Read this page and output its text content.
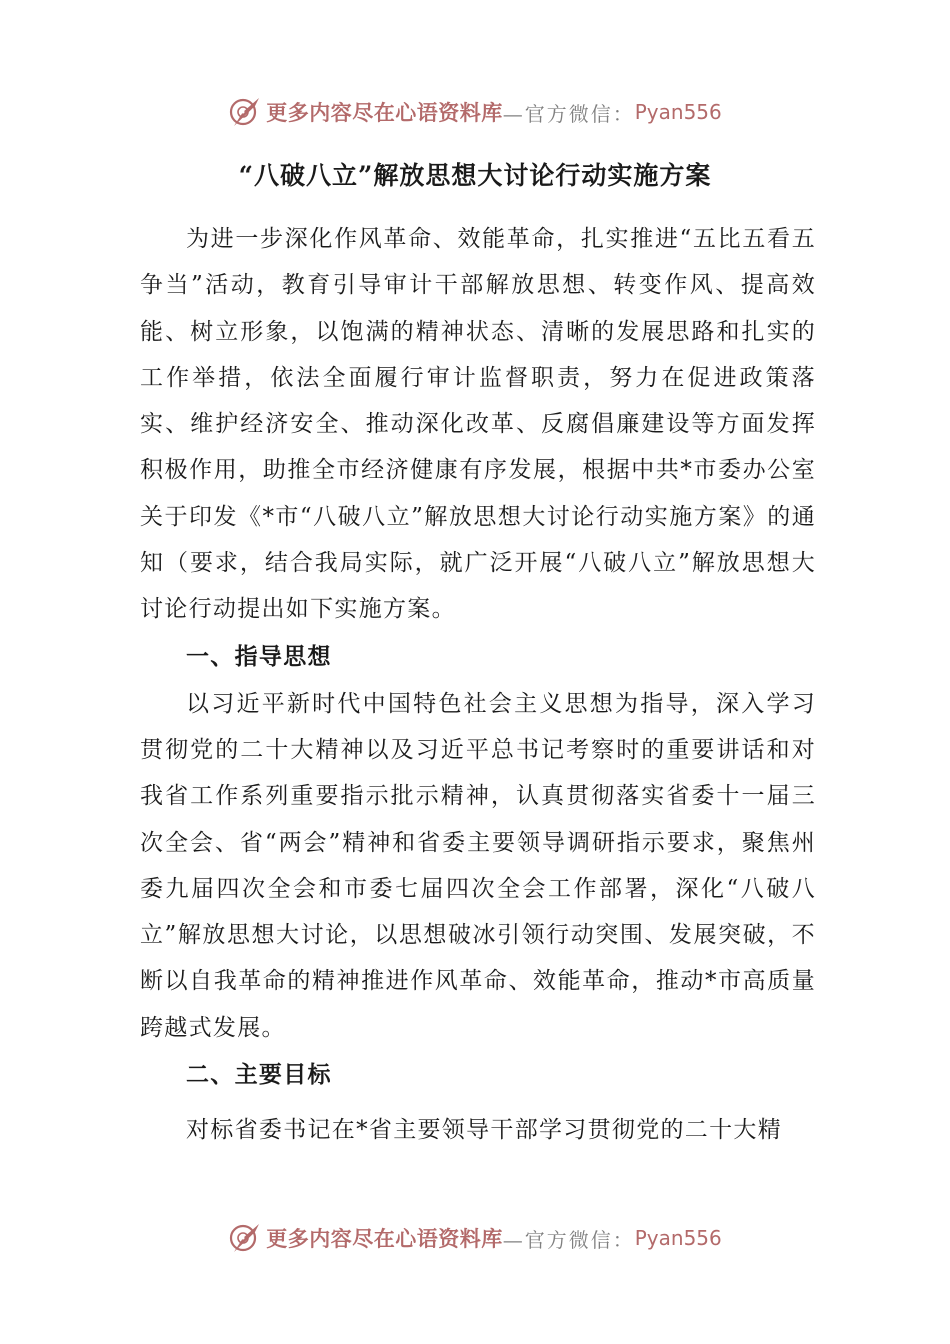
更多内容尽在心语资料库 —官方微信： Pyan556
“八破八立”解放思想大讨论行动实施方案

为进一步深化作风革命、效能革命，扎实推进“五比五看五争当”活动，教育引导审计干部解放思想、转变作风、提高效能、树立形象，以饱满的精神状态、清晰的发展思路和扎实的工作举措，依法全面履行审计监督职责，努力在促进政策落实、维护经济安全、推动深化改革、反腐倡廉建设等方面发挥积极作用，助推全市经济健康有序发展，根据中共*市委办公室关于印发《*市“八破八立”解放思想大讨论行动实施方案》的通知（要求，结合我局实际，就广泛开展“八破八立”解放思想大讨论行动提出如下实施方案。

一、指导思想

以习近平新时代中国特色社会主义思想为指导，深入学习贯彻党的二十大精神以及习近平总书记考察时的重要讲话和对我省工作系列重要指示批示精神，认真贯彻落实省委十一届三次全会、省“两会”精神和省委主要领导调研指示要求，聚焦州委九届四次全会和市委七届四次全会工作部署，深化“八破八立”解放思想大讨论，以思想破冰引领行动突围、发展突破，不断以自我革命的精神推进作风革命、效能革命，推动*市高质量跨越式发展。

二、主要目标

对标省委书记在*省主要领导干部学习贯彻党的二十大精

更多内容尽在心语资料库 —官方微信： Pyan556
